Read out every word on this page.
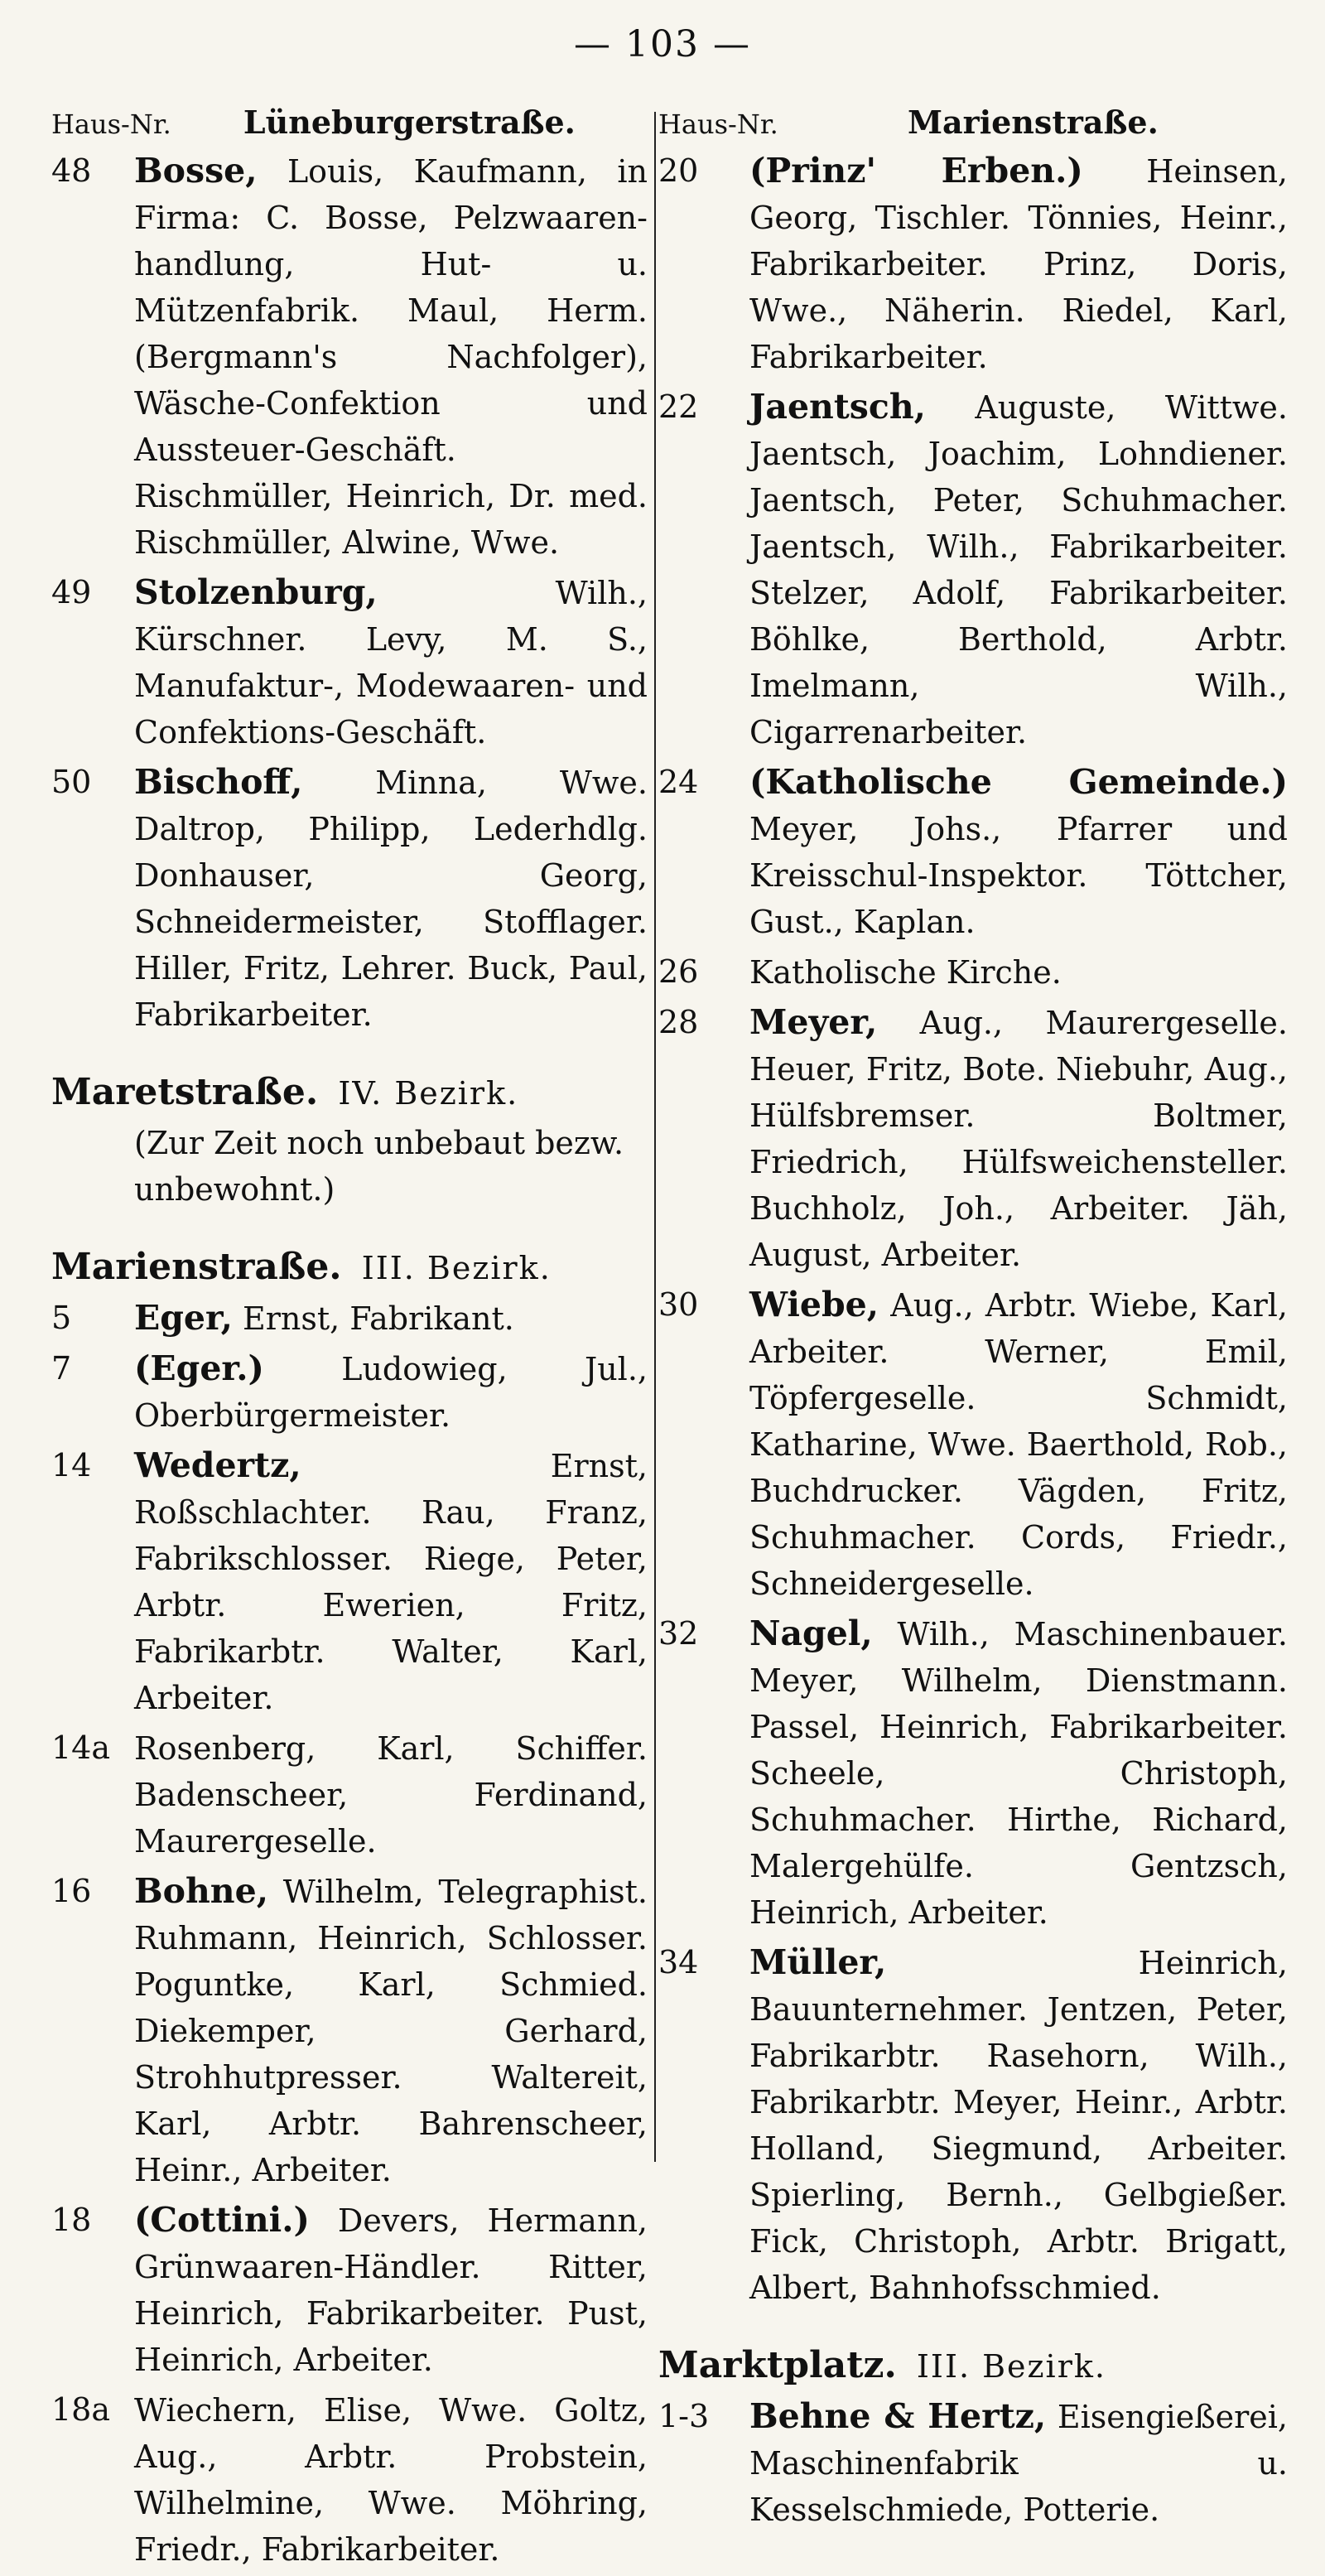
— 103 —
Haus-Nr.	Lüneburgerstraße.
48	Bosse, Louis, Kaufmann, in Firma: C. Bosse, Pelzwaaren-handlung, Hut- u. Mützenfabrik. Maul, Herm. (Bergmann's Nachfolger), Wäsche-Confektion und Aussteuer-Geschäft. Rischmüller, Heinrich, Dr. med. Rischmüller, Alwine, Wwe.
49	Stolzenburg, Wilh., Kürschner. Levy, M. S., Manufaktur-, Modewaaren- und Confektions-Geschäft.
50	Bischoff, Minna, Wwe. Daltrop, Philipp, Lederhdlg. Donhauser, Georg, Schneidermeister, Stofflager. Hiller, Fritz, Lehrer. Buck, Paul, Fabrikarbeiter.
Maretstraße. IV. Bezirk.
(Zur Zeit noch unbebaut bezw. unbewohnt.)
Marienstraße. III. Bezirk.
5	Eger, Ernst, Fabrikant.
7	(Eger.) Ludowieg, Jul., Oberbürgermeister.
14	Wedertz, Ernst, Roßschlachter. Rau, Franz, Fabrikschlosser. Riege, Peter, Arbtr. Ewerien, Fritz, Fabrikarbtr. Walter, Karl, Arbeiter.
14a Rosenberg, Karl, Schiffer. Badenscheer, Ferdinand, Maurergeselle.
16	Bohne, Wilhelm, Telegraphist. Ruhmann, Heinrich, Schlosser. Poguntke, Karl, Schmied. Diekemper, Gerhard, Strohhutpresser. Waltereit, Karl, Arbtr. Bahrenscheer, Heinr., Arbeiter.
18	(Cottini.) Devers, Hermann, Grünwaaren-Händler. Ritter, Heinrich, Fabrikarbeiter. Pust, Heinrich, Arbeiter.
18a Wiechern, Elise, Wwe. Goltz, Aug., Arbtr. Probstein, Wilhelmine, Wwe. Möhring, Friedr., Fabrikarbeiter.
Haus-Nr.	Marienstraße.
20	(Prinz' Erben.) Heinsen, Georg, Tischler. Tönnies, Heinr., Fabrikarbeiter. Prinz, Doris, Wwe., Näherin. Riedel, Karl, Fabrikarbeiter.
22	Jaentsch, Auguste, Wittwe. Jaentsch, Joachim, Lohndiener. Jaentsch, Peter, Schuhmacher. Jaentsch, Wilh., Fabrikarbeiter. Stelzer, Adolf, Fabrikarbeiter. Böhlke, Berthold, Arbtr. Imelmann, Wilh., Cigarrenarbeiter.
24	(Katholische Gemeinde.) Meyer, Johs., Pfarrer und Kreisschul-Inspektor. Töttcher, Gust., Kaplan.
26	Katholische Kirche.
28	Meyer, Aug., Maurergeselle. Heuer, Fritz, Bote. Niebuhr, Aug., Hülfsbremser. Boltmer, Friedrich, Hülfsweichensteller. Buchholz, Joh., Arbeiter. Jäh, August, Arbeiter.
30	Wiebe, Aug., Arbtr. Wiebe, Karl, Arbeiter. Werner, Emil, Töpfergeselle. Schmidt, Katharine, Wwe. Baerthold, Rob., Buchdrucker. Vägden, Fritz, Schuhmacher. Cords, Friedr., Schneidergeselle.
32	Nagel, Wilh., Maschinenbauer. Meyer, Wilhelm, Dienstmann. Passel, Heinrich, Fabrikarbeiter. Scheele, Christoph, Schuhmacher. Hirthe, Richard, Malergehülfe. Gentzsch, Heinrich, Arbeiter.
34	Müller, Heinrich, Bauunternehmer. Jentzen, Peter, Fabrikarbtr. Rasehorn, Wilh., Fabrikarbtr. Meyer, Heinr., Arbtr. Holland, Siegmund, Arbeiter. Spierling, Bernh., Gelbgießer. Fick, Christoph, Arbtr. Brigatt, Albert, Bahnhofsschmied.
Marktplatz. III. Bezirk.
1-3	Behne & Hertz, Eisengießerei, Maschinenfabrik u. Kesselschmiede, Potterie.
